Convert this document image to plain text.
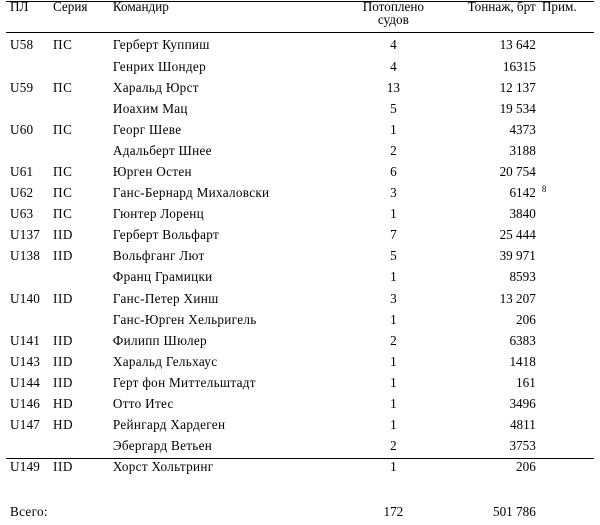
ПЛ	Серия	Командир	Потоплено	Тоннаж, брт	Прим.
			судов		

U58	ПС	Герберт Куппиш	4	13 642	
		Генрих Шондер	4	16315	
U59	ПС	Харальд Юрст	13	12 137	
		Иоахим Мац	5	19 534	
U60	ПС	Георг Шеве	1	4373	
		Адальберт Шнее	2	3188	
U61	ПС	Юрген Остен	6	20 754	
U62	ПС	Ганс-Бернард Михаловски	3	6142	$^8$
U63	ПС	Гюнтер Лоренц	1	3840	
U137	IID	Герберт Вольфарт	7	25 444	
U138	IID	Вольфганг Лют	5	39 971	
		Франц Грамицки	1	8593	
U140	IID	Ганс-Петер Хинш	3	13 207	
		Ганс-Юрген Хельригель	1	206	
U141	IID	Филипп Шюлер	2	6383	
U143	IID	Харальд Гельхаус	1	1418	
U144	IID	Герт фон Миттельштадт	1	161	
U146	HD	Отто Итес	1	3496	
U147	HD	Рейнгард Хардеген	1	4811	
		Эбергард Ветьен	2	3753	
U149	IID	Хорст Хольтринг	1	206	

Всего:			172	501 786	
